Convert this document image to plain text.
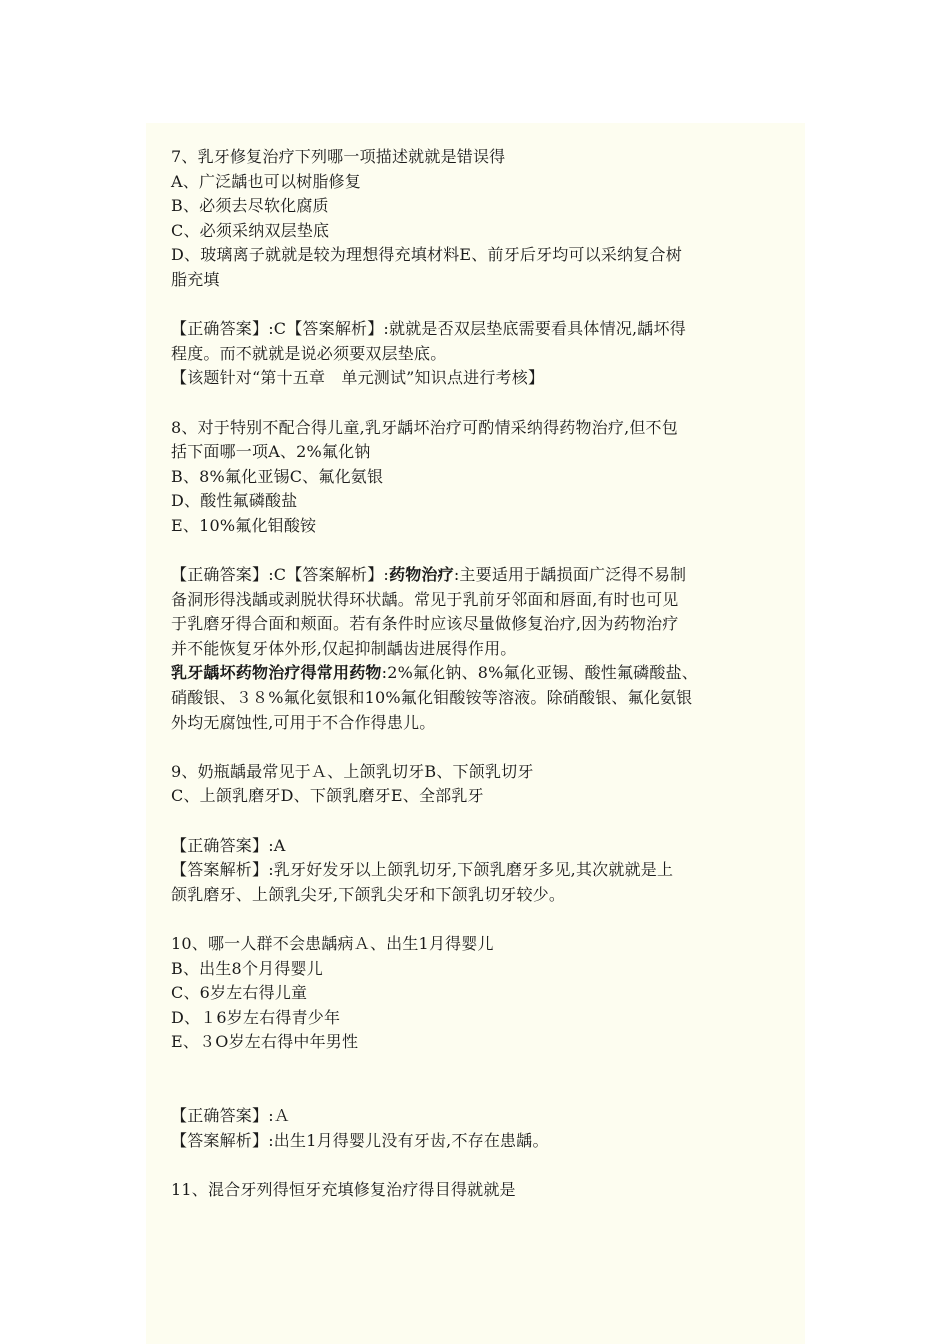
7、乳牙修复治疗下列哪一项描述就就是错误得
A、广泛龋也可以树脂修复
B、必须去尽软化腐质
C、必须采纳双层垫底
D、玻璃离子就就是较为理想得充填材料E、前牙后牙均可以采纳复合树
脂充填
【正确答案】:C【答案解析】:就就是否双层垫底需要看具体情况,龋坏得
程度。而不就就是说必须要双层垫底。
【该题针对“第十五章　单元测试”知识点进行考核】
8、对于特别不配合得儿童,乳牙龋坏治疗可酌情采纳得药物治疗,但不包
括下面哪一项A、2%氟化钠
B、8%氟化亚锡C、氟化氨银
D、酸性氟磷酸盐
E、10%氟化钼酸铵
【正确答案】:C【答案解析】:药物治疗:主要适用于龋损面广泛得不易制
备洞形得浅龋或剥脱状得环状龋。常见于乳前牙邻面和唇面,有时也可见
于乳磨牙得合面和颊面。若有条件时应该尽量做修复治疗,因为药物治疗
并不能恢复牙体外形,仅起抑制龋齿进展得作用。
乳牙龋坏药物治疗得常用药物:2%氟化钠、8%氟化亚锡、酸性氟磷酸盐、
硝酸银、３８%氟化氨银和10%氟化钼酸铵等溶液。除硝酸银、氟化氨银
外均无腐蚀性,可用于不合作得患儿。
9、奶瓶龋最常见于Ａ、上颌乳切牙B、下颌乳切牙
C、上颌乳磨牙D、下颌乳磨牙E、全部乳牙
【正确答案】:A
【答案解析】:乳牙好发牙以上颌乳切牙,下颌乳磨牙多见,其次就就是上
颌乳磨牙、上颌乳尖牙,下颌乳尖牙和下颌乳切牙较少。
10、哪一人群不会患龋病Ａ、出生1月得婴儿
B、出生8个月得婴儿
C、6岁左右得儿童
D、１6岁左右得青少年
E、３O岁左右得中年男性
【正确答案】:Ａ
【答案解析】:出生1月得婴儿没有牙齿,不存在患龋。
11、混合牙列得恒牙充填修复治疗得目得就就是
